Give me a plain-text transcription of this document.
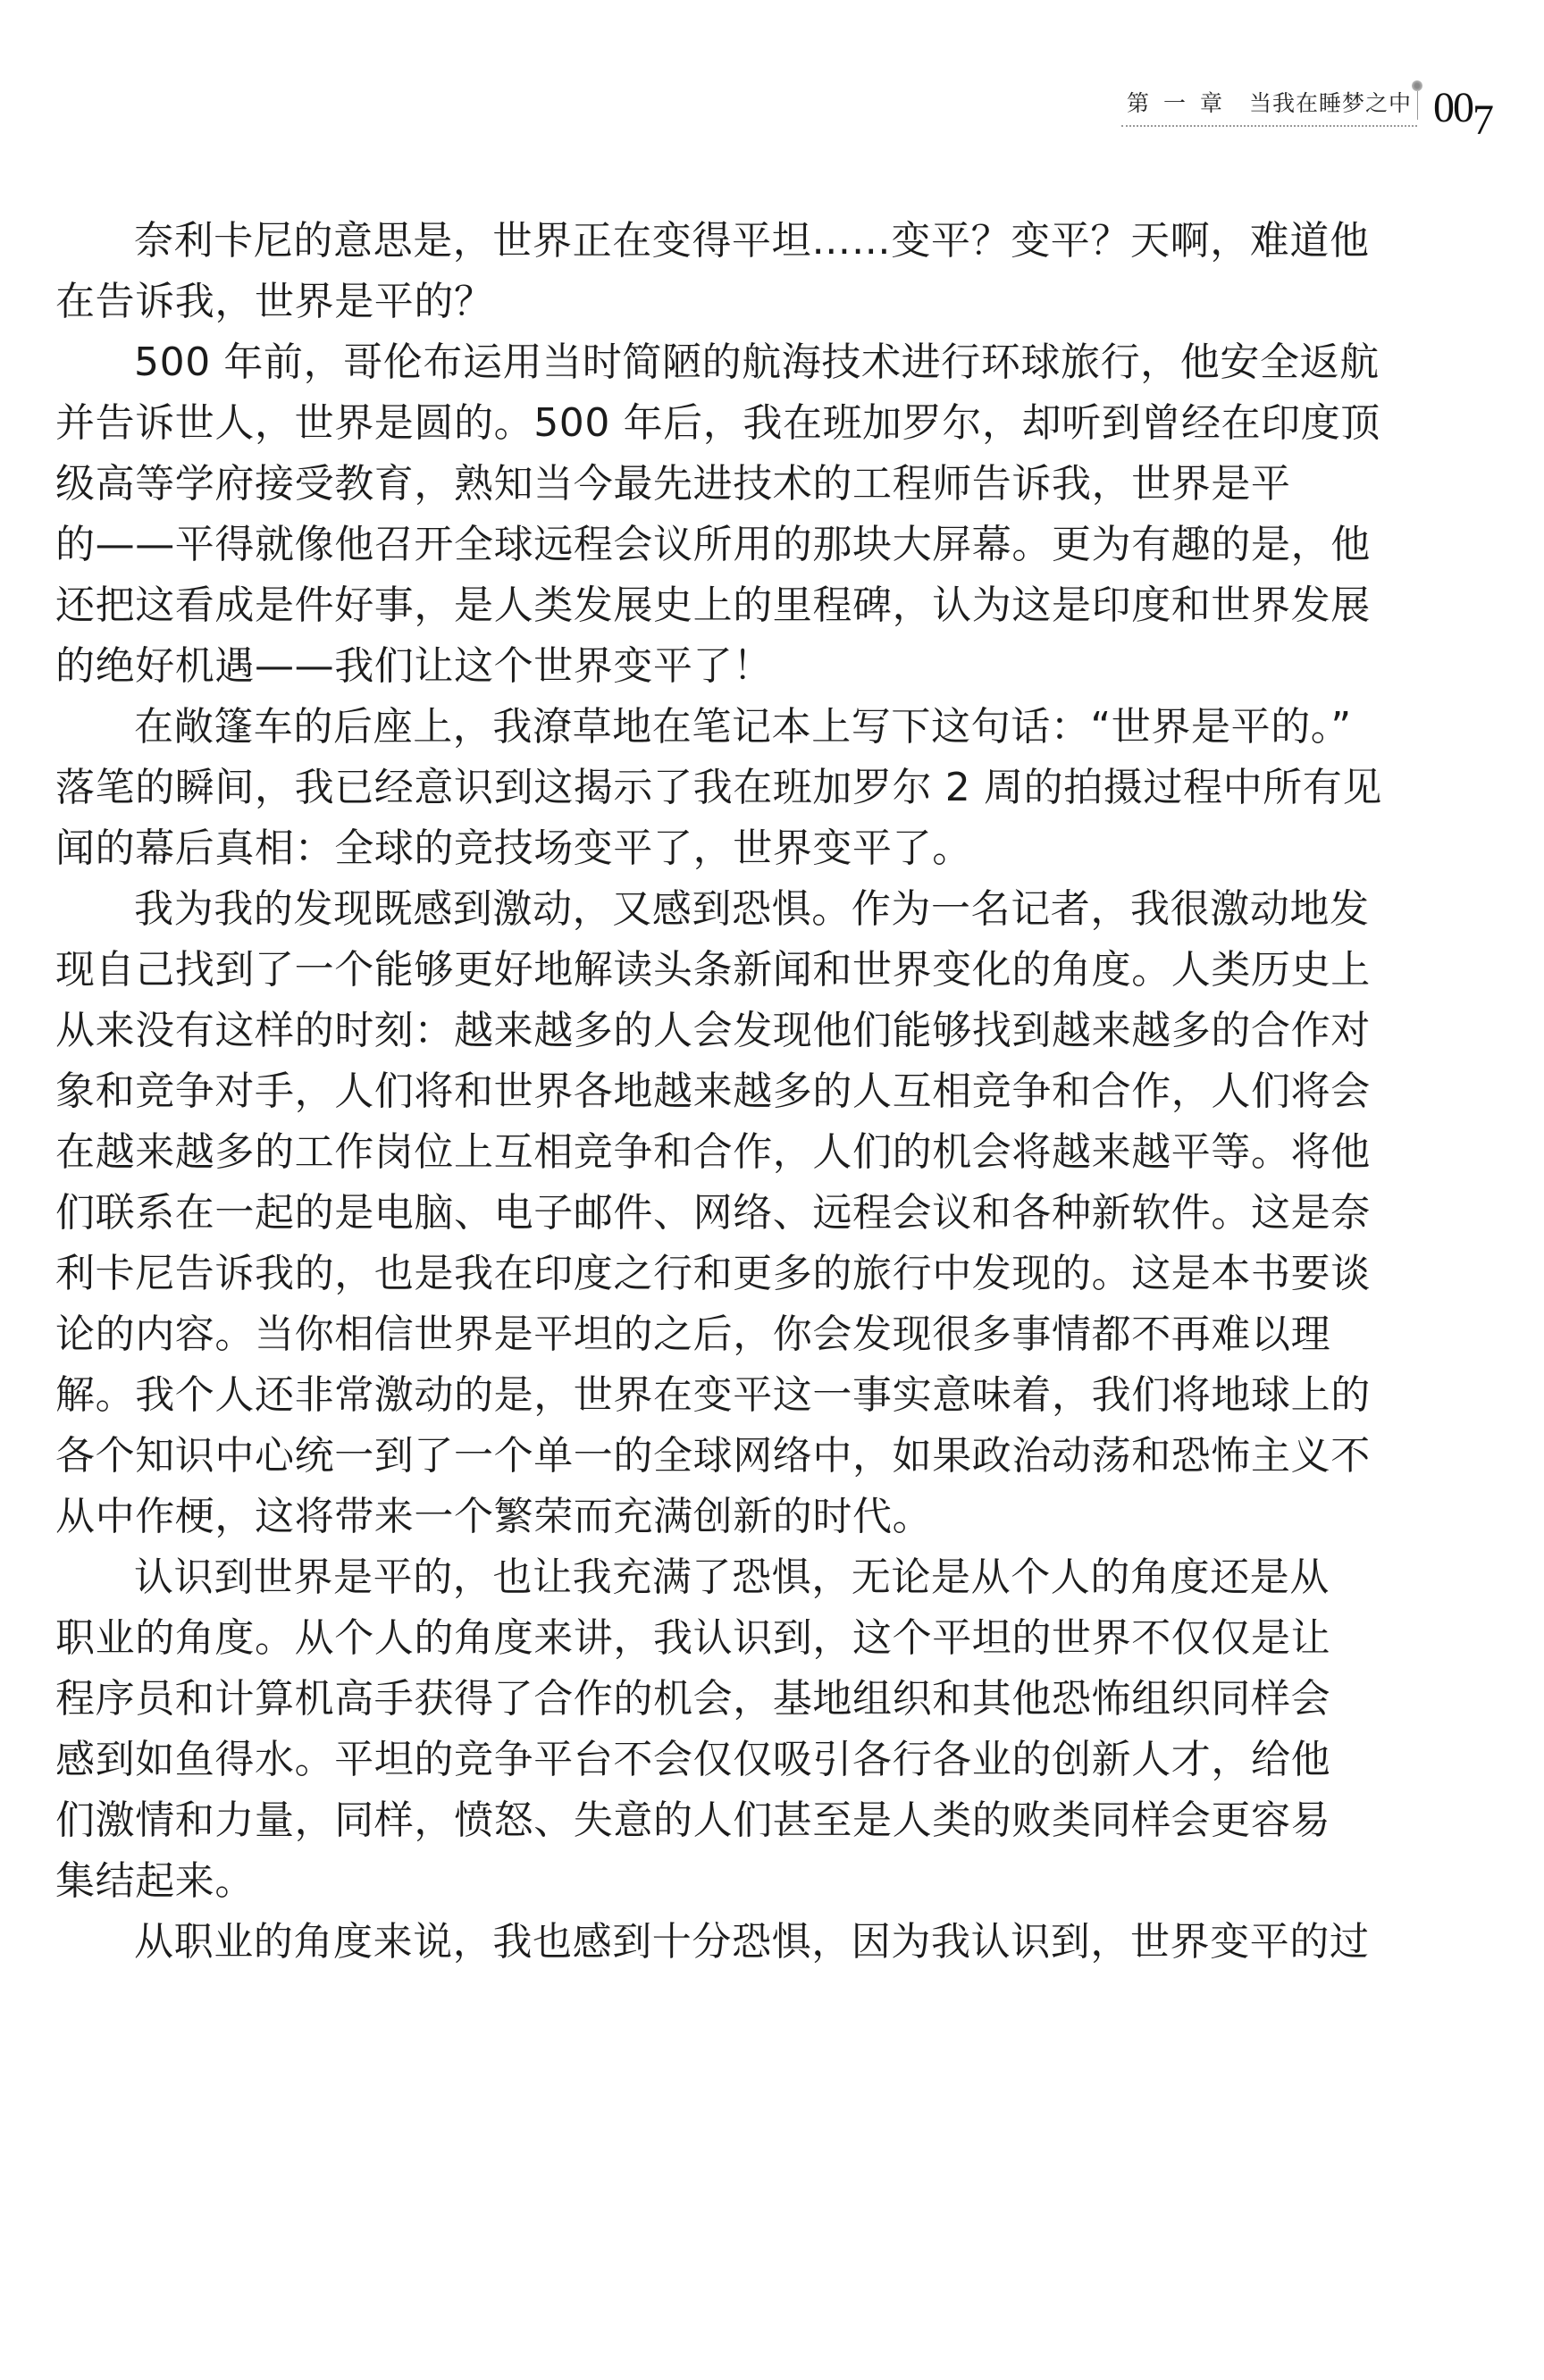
第一章 当我在睡梦之中 007

奈利卡尼的意思是，世界正在变得平坦……变平？变平？天啊，难道他
在告诉我，世界是平的？

500 年前，哥伦布运用当时简陋的航海技术进行环球旅行，他安全返航
并告诉世人，世界是圆的。500 年后，我在班加罗尔，却听到曾经在印度顶
级高等学府接受教育，熟知当今最先进技术的工程师告诉我，世界是平
的——平得就像他召开全球远程会议所用的那块大屏幕。更为有趣的是，他
还把这看成是件好事，是人类发展史上的里程碑，认为这是印度和世界发展
的绝好机遇——我们让这个世界变平了！

在敞篷车的后座上，我潦草地在笔记本上写下这句话：“世界是平的。”
落笔的瞬间，我已经意识到这揭示了我在班加罗尔 2 周的拍摄过程中所有见
闻的幕后真相：全球的竞技场变平了，世界变平了。

我为我的发现既感到激动，又感到恐惧。作为一名记者，我很激动地发
现自己找到了一个能够更好地解读头条新闻和世界变化的角度。人类历史上
从来没有这样的时刻：越来越多的人会发现他们能够找到越来越多的合作对
象和竞争对手，人们将和世界各地越来越多的人互相竞争和合作，人们将会
在越来越多的工作岗位上互相竞争和合作，人们的机会将越来越平等。将他
们联系在一起的是电脑、电子邮件、网络、远程会议和各种新软件。这是奈
利卡尼告诉我的，也是我在印度之行和更多的旅行中发现的。这是本书要谈
论的内容。当你相信世界是平坦的之后，你会发现很多事情都不再难以理
解。我个人还非常激动的是，世界在变平这一事实意味着，我们将地球上的
各个知识中心统一到了一个单一的全球网络中，如果政治动荡和恐怖主义不
从中作梗，这将带来一个繁荣而充满创新的时代。

认识到世界是平的，也让我充满了恐惧，无论是从个人的角度还是从
职业的角度。从个人的角度来讲，我认识到，这个平坦的世界不仅仅是让
程序员和计算机高手获得了合作的机会，基地组织和其他恐怖组织同样会
感到如鱼得水。平坦的竞争平台不会仅仅吸引各行各业的创新人才，给他
们激情和力量，同样，愤怒、失意的人们甚至是人类的败类同样会更容易
集结起来。

从职业的角度来说，我也感到十分恐惧，因为我认识到，世界变平的过
